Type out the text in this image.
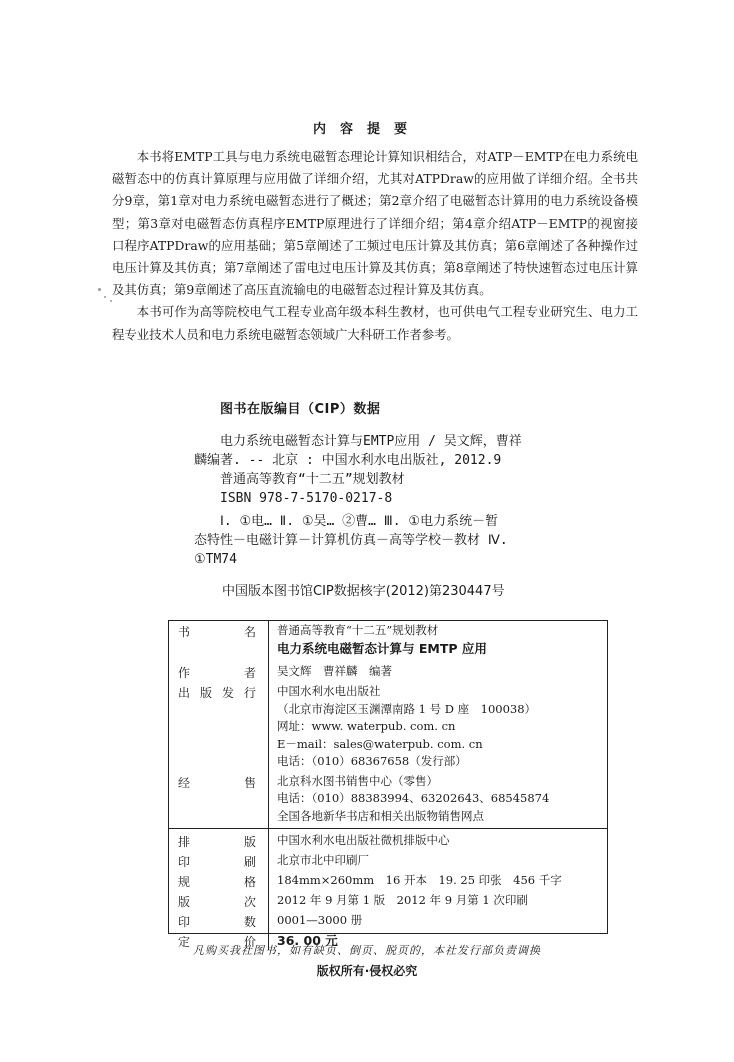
内容提要

本书将EMTP工具与电力系统电磁暂态理论计算知识相结合，对ATP－EMTP在电力系统电磁暂态中的仿真计算原理与应用做了详细介绍，尤其对ATPDraw的应用做了详细介绍。全书共分9章，第1章对电力系统电磁暂态进行了概述；第2章介绍了电磁暂态计算用的电力系统设备模型；第3章对电磁暂态仿真程序EMTP原理进行了详细介绍；第4章介绍ATP－EMTP的视窗接口程序ATPDraw的应用基础；第5章阐述了工频过电压计算及其仿真；第6章阐述了各种操作过电压计算及其仿真；第7章阐述了雷电过电压计算及其仿真；第8章阐述了特快速暂态过电压计算及其仿真；第9章阐述了高压直流输电的电磁暂态过程计算及其仿真。

本书可作为高等院校电气工程专业高年级本科生教材，也可供电气工程专业研究生、电力工程专业技术人员和电力系统电磁暂态领域广大科研工作者参考。

图书在版编目（CIP）数据
电力系统电磁暂态计算与EMTP应用 / 吴文辉，曹祥
麟编著. -- 北京 : 中国水利水电出版社, 2012.9
普通高等教育“十二五”规划教材
ISBN 978-7-5170-0217-8
Ⅰ. ①电… Ⅱ. ①吴… ②曹… Ⅲ. ①电力系统－暂
态特性－电磁计算－计算机仿真－高等学校－教材 Ⅳ.
①TM74
中国版本图书馆CIP数据核字(2012)第230447号
书名	普通高等教育“十二五”规划教材
电力系统电磁暂态计算与 EMTP 应用

作者	吴文辉　曹祥麟　编著
出版发行	中国水利水电出版社
（北京市海淀区玉渊潭南路 1 号 D 座　100038）
网址：www. waterpub. com. cn
E－mail：sales@waterpub. com. cn
电话：（010）68367658（发行部）

经售	北京科水图书销售中心（零售）
电话：（010）88383994、63202643、68545874
全国各地新华书店和相关出版物销售网点

排版	中国水利水电出版社微机排版中心
印刷	北京市北中印刷厂
规格	184mm×260mm　16 开本　19. 25 印张　456 千字
版次	2012 年 9 月第 1 版　2012 年 9 月第 1 次印刷
印数	0001—3000 册
定价	36. 00 元
凡购买我社图书，如有缺页、倒页、脱页的，本社发行部负责调换
版权所有·侵权必究
